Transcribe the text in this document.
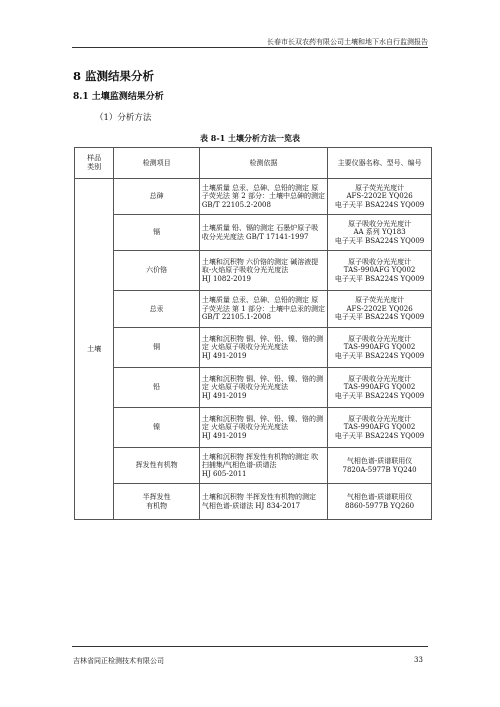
长春市长双农药有限公司土壤和地下水自行监测报告
8 监测结果分析
8.1 土壤监测结果分析
（1）分析方法
表 8-1 土壤分析方法一览表
样品
类别	检测项目	检测依据	主要仪器名称、型号、编号
土壤	总砷	土壤质量 总汞、总砷、总铅的测定 原子荧光法 第 2 部分：土壤中总砷的测定 GB/T 22105.2-2008	原子荧光光度计
AFS-2202E YQ026
电子天平 BSA224S YQ009
	镉	土壤质量 铅、镉的测定 石墨炉原子吸收分光光度法 GB/T 17141-1997	原子吸收分光光度计
AA 系列 YQ183
电子天平 BSA224S YQ009
	六价铬	土壤和沉积物 六价铬的测定 碱溶液提取-火焰原子吸收分光光度法
HJ 1082-2019	原子吸收分光光度计
TAS-990AFG YQ002
电子天平 BSA224S YQ009
	总汞	土壤质量 总汞、总砷、总铅的测定 原子荧光法 第 1 部分：土壤中总汞的测定 GB/T 22105.1-2008	原子荧光光度计
AFS-2202E YQ026
电子天平 BSA224S YQ009
	铜	土壤和沉积物 铜、锌、铅、镍、铬的测定 火焰原子吸收分光光度法
HJ 491-2019	原子吸收分光光度计
TAS-990AFG YQ002
电子天平 BSA224S YQ009
	铅	土壤和沉积物 铜、锌、铅、镍、铬的测定 火焰原子吸收分光光度法
HJ 491-2019	原子吸收分光光度计
TAS-990AFG YQ002
电子天平 BSA224S YQ009
	镍	土壤和沉积物 铜、锌、铅、镍、铬的测定 火焰原子吸收分光光度法
HJ 491-2019	原子吸收分光光度计
TAS-990AFG YQ002
电子天平 BSA224S YQ009
	挥发性有机物	土壤和沉积物 挥发性有机物的测定 吹扫捕集/气相色谱-质谱法
HJ 605-2011	气相色谱-质谱联用仪
7820A-5977B YQ240
	半挥发性
有机物	土壤和沉积物 半挥发性有机物的测定 气相色谱-质谱法 HJ 834-2017	气相色谱-质谱联用仪
8860-5977B YQ260
吉林省同正检测技术有限公司	33
